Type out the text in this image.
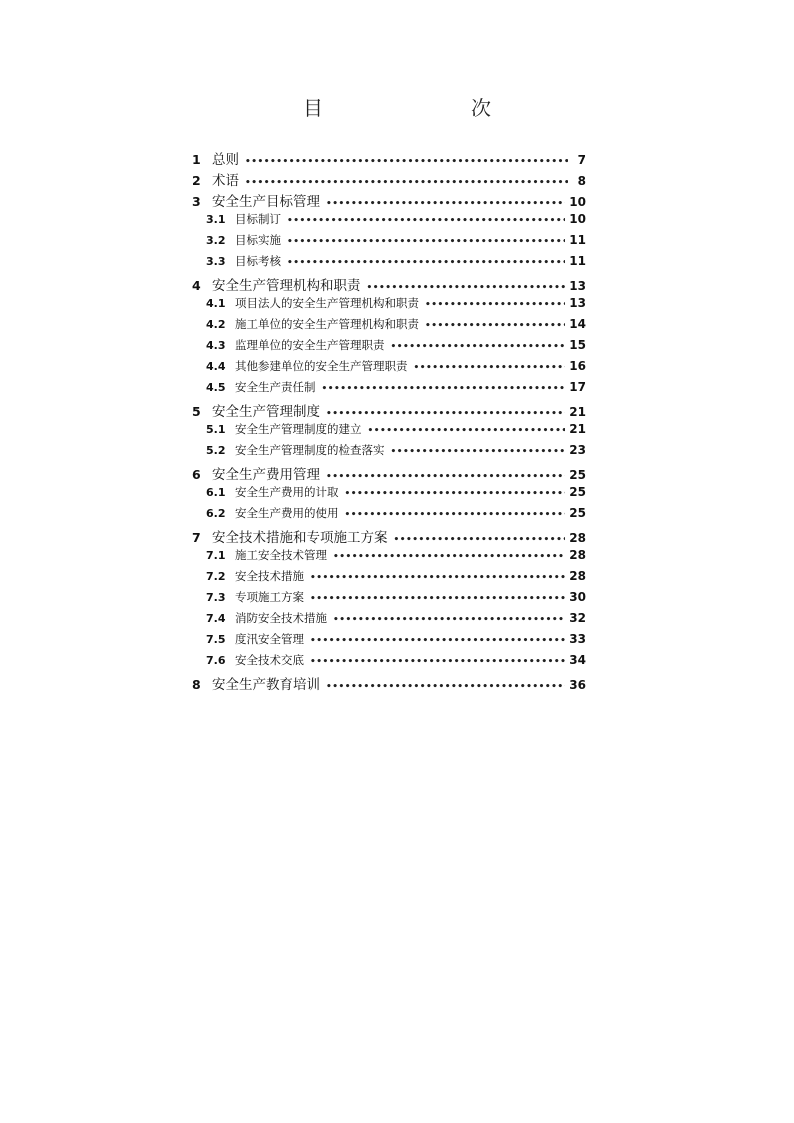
目　　次
1 总则 •••••	7
2 术语 •••••	8
3 安全生产目标管理 •••••	10
3.1 目标制订 •••••	10
3.2 目标实施 •••••	11
3.3 目标考核 •••••	11
4 安全生产管理机构和职责 •••••	13
4.1 项目法人的安全生产管理机构和职责 •••••	13
4.2 施工单位的安全生产管理机构和职责 •••••	14
4.3 监理单位的安全生产管理职责 •••••	15
4.4 其他参建单位的安全生产管理职责 •••••	16
4.5 安全生产责任制 •••••	17
5 安全生产管理制度 •••••	21
5.1 安全生产管理制度的建立 •••••	21
5.2 安全生产管理制度的检查落实 •••••	23
6 安全生产费用管理 •••••	25
6.1 安全生产费用的计取 •••••	25
6.2 安全生产费用的使用 •••••	25
7 安全技术措施和专项施工方案 •••••	28
7.1 施工安全技术管理 •••••	28
7.2 安全技术措施 •••••	28
7.3 专项施工方案 •••••	30
7.4 消防安全技术措施 •••••	32
7.5 度汛安全管理 •••••	33
7.6 安全技术交底 •••••	34
8 安全生产教育培训 •••••	36
